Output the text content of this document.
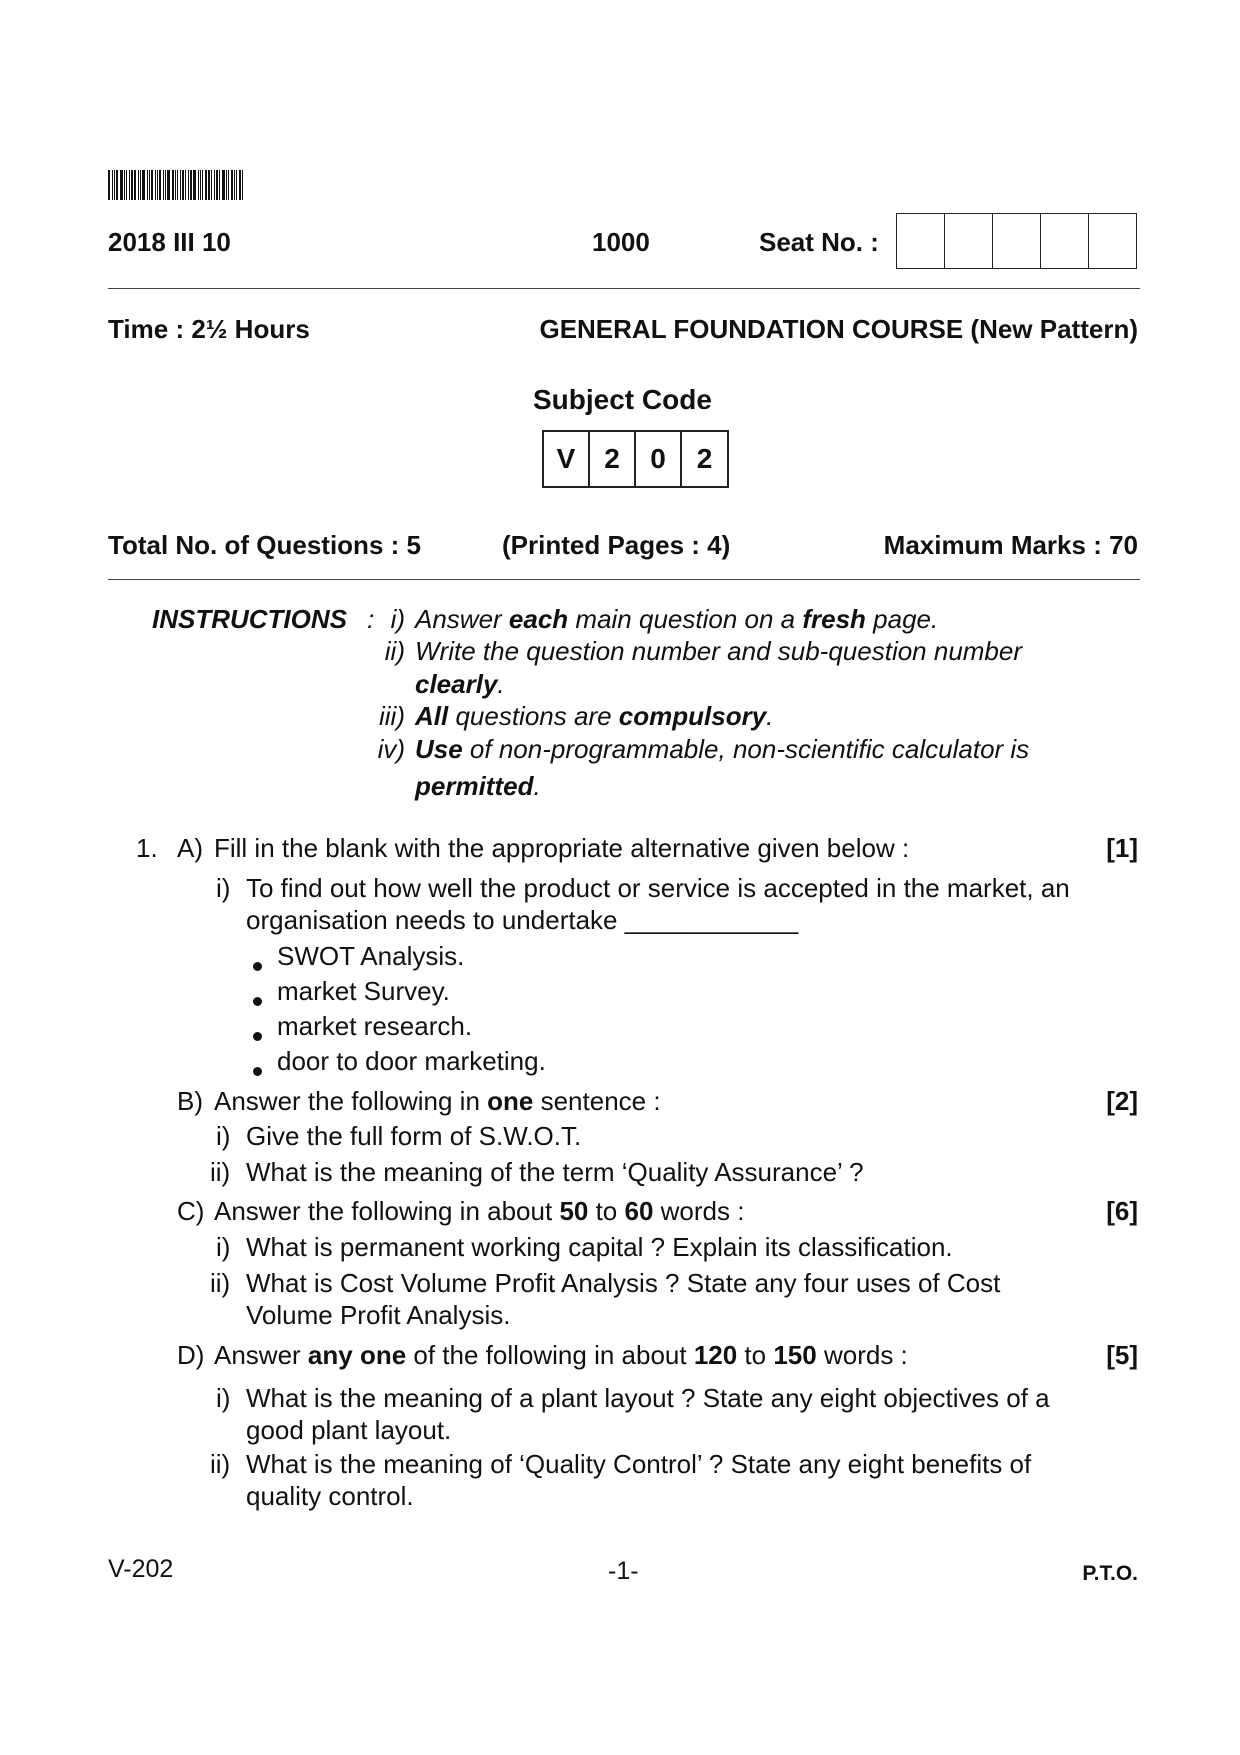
2018 III 10	1000	Seat No. :
Time : 2½ Hours	GENERAL FOUNDATION COURSE (New Pattern)
Subject Code
V	2	0	2
Total No. of Questions : 5	(Printed Pages : 4)	Maximum Marks : 70
INSTRUCTIONS : i) Answer each main question on a fresh page.
ii) Write the question number and sub-question number
clearly.
iii) All questions are compulsory.
iv) Use of non-programmable, non-scientific calculator is
permitted.
1. A) Fill in the blank with the appropriate alternative given below :	[1]
i) To find out how well the product or service is accepted in the market, an
organisation needs to undertake ____________
SWOT Analysis.
market Survey.
market research.
door to door marketing.
B) Answer the following in one sentence :	[2]
i) Give the full form of S.W.O.T.
ii) What is the meaning of the term ‘Quality Assurance’ ?
C) Answer the following in about 50 to 60 words :	[6]
i) What is permanent working capital ? Explain its classification.
ii) What is Cost Volume Profit Analysis ? State any four uses of Cost
Volume Profit Analysis.
D) Answer any one of the following in about 120 to 150 words :	[5]
i) What is the meaning of a plant layout ? State any eight objectives of a
good plant layout.
ii) What is the meaning of ‘Quality Control’ ? State any eight benefits of
quality control.
V-202	-1-	P.T.O.
